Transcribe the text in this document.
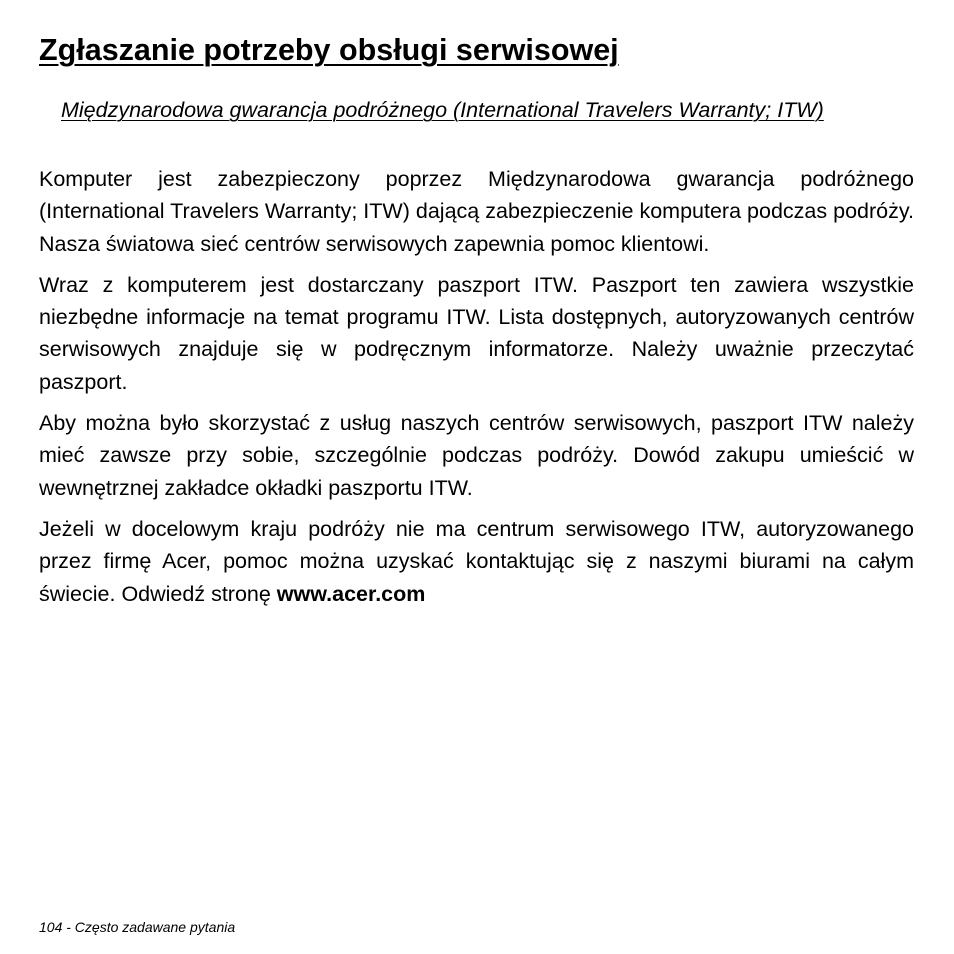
Zgłaszanie potrzeby obsługi serwisowej
Międzynarodowa gwarancja podróżnego (International Travelers Warranty; ITW)

Komputer jest zabezpieczony poprzez Międzynarodowa gwarancja podróżnego (International Travelers Warranty; ITW) dającą zabezpieczenie komputera podczas podróży. Nasza światowa sieć centrów serwisowych zapewnia pomoc klientowi.

Wraz z komputerem jest dostarczany paszport ITW. Paszport ten zawiera wszystkie niezbędne informacje na temat programu ITW. Lista dostępnych, autoryzowanych centrów serwisowych znajduje się w podręcznym informatorze. Należy uważnie przeczytać paszport.

Aby można było skorzystać z usług naszych centrów serwisowych, paszport ITW należy mieć zawsze przy sobie, szczególnie podczas podróży. Dowód zakupu umieścić w wewnętrznej zakładce okładki paszportu ITW.

Jeżeli w docelowym kraju podróży nie ma centrum serwisowego ITW, autoryzowanego przez firmę Acer, pomoc można uzyskać kontaktując się z naszymi biurami na całym świecie. Odwiedź stronę www.acer.com

104 - Często zadawane pytania
